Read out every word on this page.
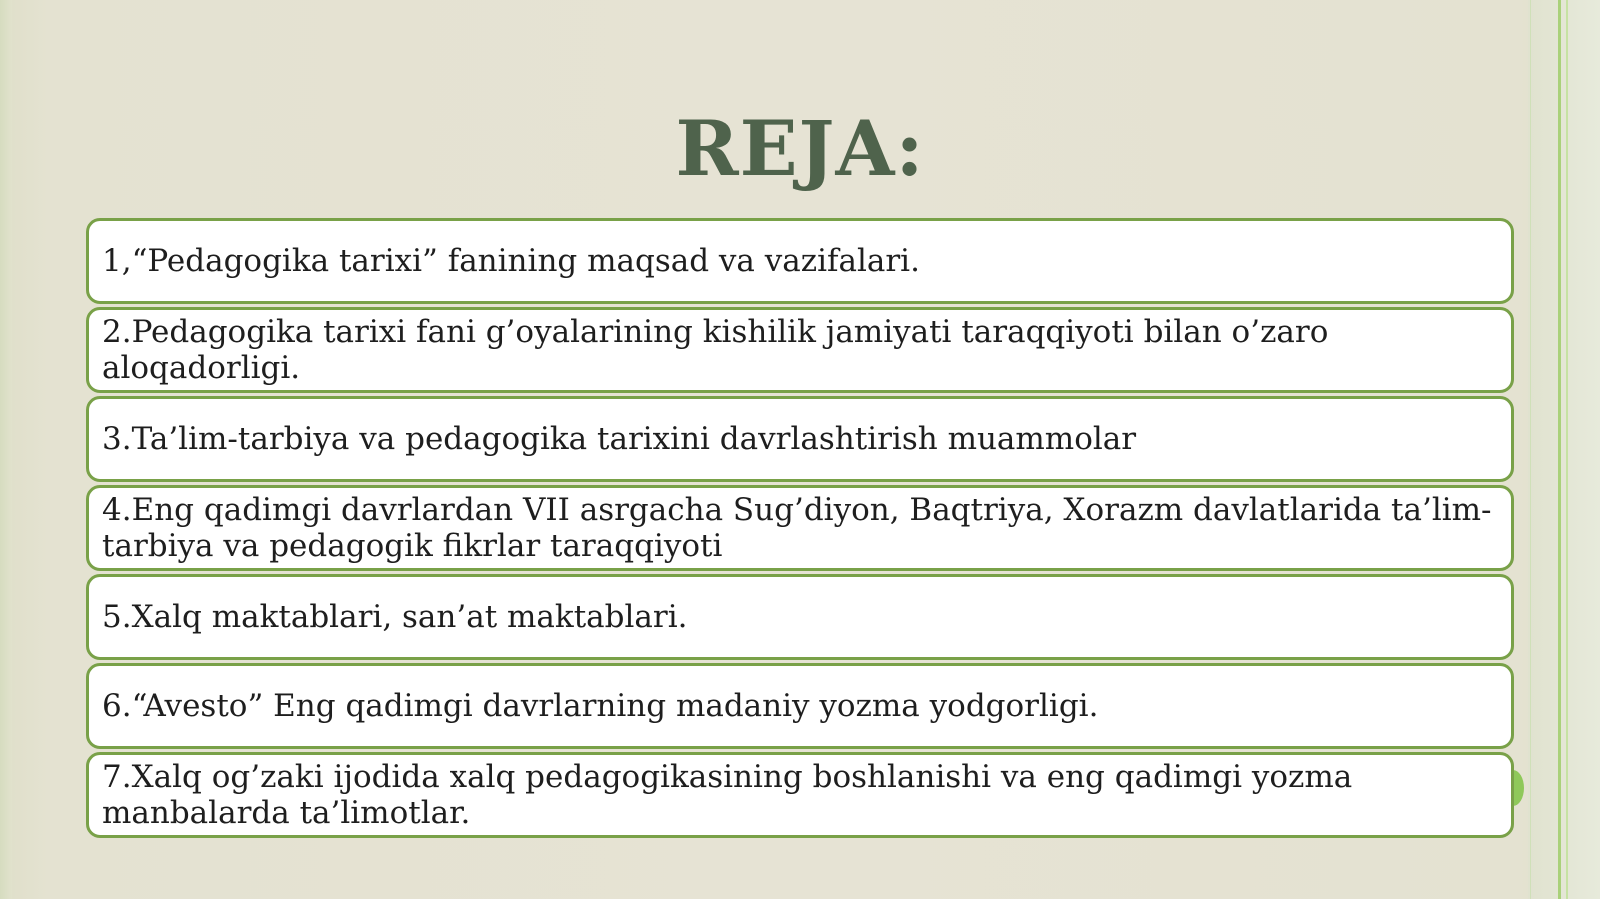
REJA:
1,“Pedagogika tarixi” fanining maqsad va vazifalari.
2.Pedagogika tarixi fani g’oyalarining kishilik jamiyati taraqqiyoti bilan o’zaro aloqadorligi.
3.Ta’lim-tarbiya va pedagogika tarixini davrlashtirish muammolar
4.Eng qadimgi davrlardan VII asrgacha Sug’diyon, Baqtriya, Xorazm davlatlarida ta’lim-tarbiya va pedagogik fikrlar taraqqiyoti
5.Xalq maktablari, san’at maktablari.
6.“Avesto” Eng qadimgi davrlarning madaniy yozma yodgorligi.
7.Xalq og’zaki ijodida xalq pedagogikasining boshlanishi va eng qadimgi yozma manbalarda ta’limotlar.
